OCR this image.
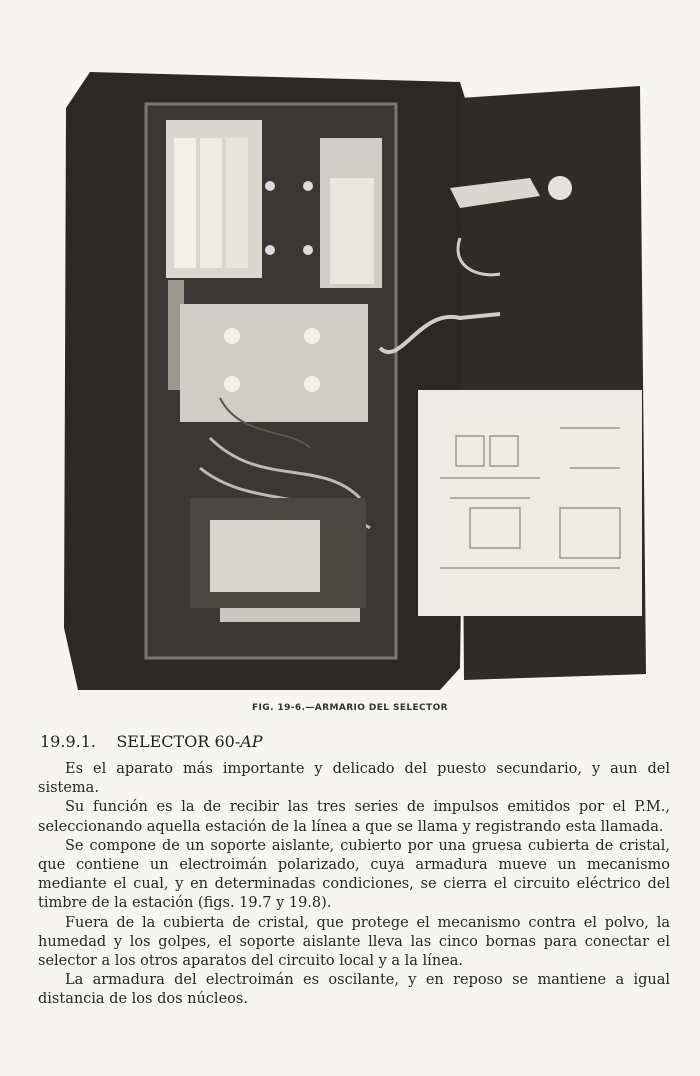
FIG. 19-6.—ARMARIO DEL SELECTOR
19.9.1. SELECTOR 60-AP

Es el aparato más importante y delicado del puesto secundario, y aun del sistema.

Su función es la de recibir las tres series de impulsos emitidos por el P.M., seleccionando aquella estación de la línea a que se llama y registrando esta llamada.

Se compone de un soporte aislante, cubierto por una gruesa cubierta de cristal, que contiene un electroimán polarizado, cuya armadura mueve un mecanismo mediante el cual, y en determinadas condiciones, se cierra el circuito eléctrico del timbre de la estación (figs. 19.7 y 19.8).

Fuera de la cubierta de cristal, que protege el mecanismo contra el polvo, la humedad y los golpes, el soporte aislante lleva las cinco bornas para conectar el selector a los otros aparatos del circuito local y a la línea.

La armadura del electroimán es oscilante, y en reposo se mantiene a igual distancia de los dos núcleos.
